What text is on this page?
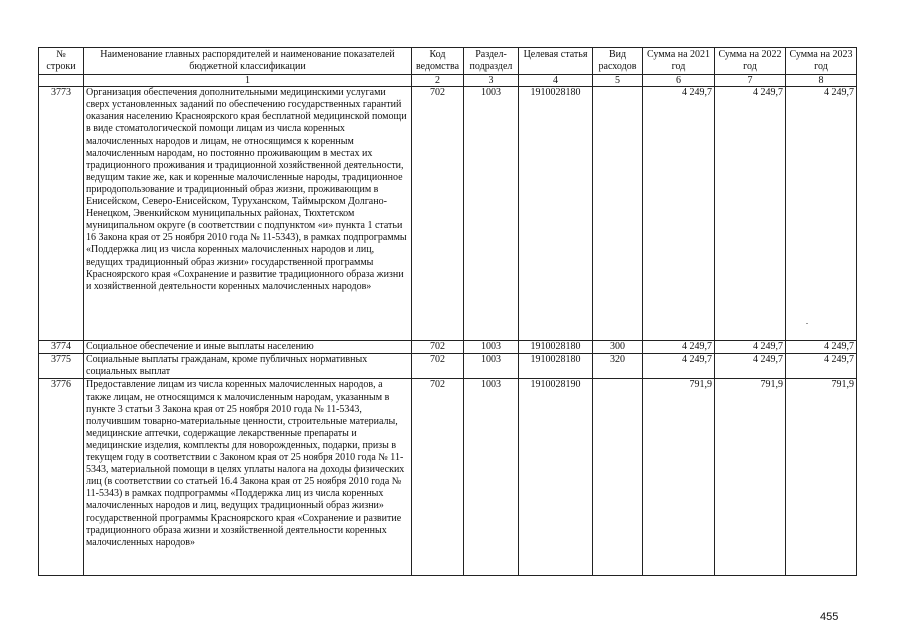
№ строки	Наименование главных распорядителей и наименование показателей бюджетной классификации	Код ведомства	Раздел-подраздел	Целевая статья	Вид расходов	Сумма на 2021 год	Сумма на 2022 год	Сумма на 2023 год
	1	2	3	4	5	6	7	8
3773	Организация обеспечения дополнительными медицинскими услугами сверх установленных заданий по обеспечению государственных гарантий оказания населению Красноярского края бесплатной медицинской помощи в виде стоматологической помощи лицам из числа коренных малочисленных народов и лицам, не относящимся к коренным малочисленным народам, но постоянно проживающим в местах их традиционного проживания и традиционной хозяйственной деятельности, ведущим такие же, как и коренные малочисленные народы, традиционное природопользование и традиционный образ жизни, проживающим в Енисейском, Северо-Енисейском, Туруханском, Таймырском Долгано-Ненецком, Эвенкийском муниципальных районах, Тюхтетском муниципальном округе (в соответствии с подпунктом «и» пункта 1 статьи 16 Закона края от 25 ноября 2010 года № 11-5343), в рамках подпрограммы «Поддержка лиц из числа коренных малочисленных народов и лиц, ведущих традиционный образ жизни» государственной программы Красноярского края «Сохранение и развитие традиционного образа жизни и хозяйственной деятельности коренных малочисленных народов»	702	1003	1910028180		4 249,7	4 249,7	4 249,7
3774	Социальное обеспечение и иные выплаты населению	702	1003	1910028180	300	4 249,7	4 249,7	4 249,7
3775	Социальные выплаты гражданам, кроме публичных нормативных социальных выплат	702	1003	1910028180	320	4 249,7	4 249,7	4 249,7
3776	Предоставление лицам из числа коренных малочисленных народов, а также лицам, не относящимся к малочисленным народам, указанным в пункте 3 статьи 3 Закона края от 25 ноября 2010 года № 11-5343, получившим товарно-материальные ценности, строительные материалы, медицинские аптечки, содержащие лекарственные препараты и медицинские изделия, комплекты для новорожденных, подарки, призы в текущем году в соответствии с Законом края от 25 ноября 2010 года № 11-5343, материальной помощи в целях уплаты налога на доходы физических лиц (в соответствии со статьей 16.4 Закона края от 25 ноября 2010 года № 11-5343) в рамках подпрограммы «Поддержка лиц из числа коренных малочисленных народов и лиц, ведущих традиционный образ жизни» государственной программы Красноярского края «Сохранение и развитие традиционного образа жизни и хозяйственной деятельности коренных малочисленных народов»	702	1003	1910028190		791,9	791,9	791,9
455
